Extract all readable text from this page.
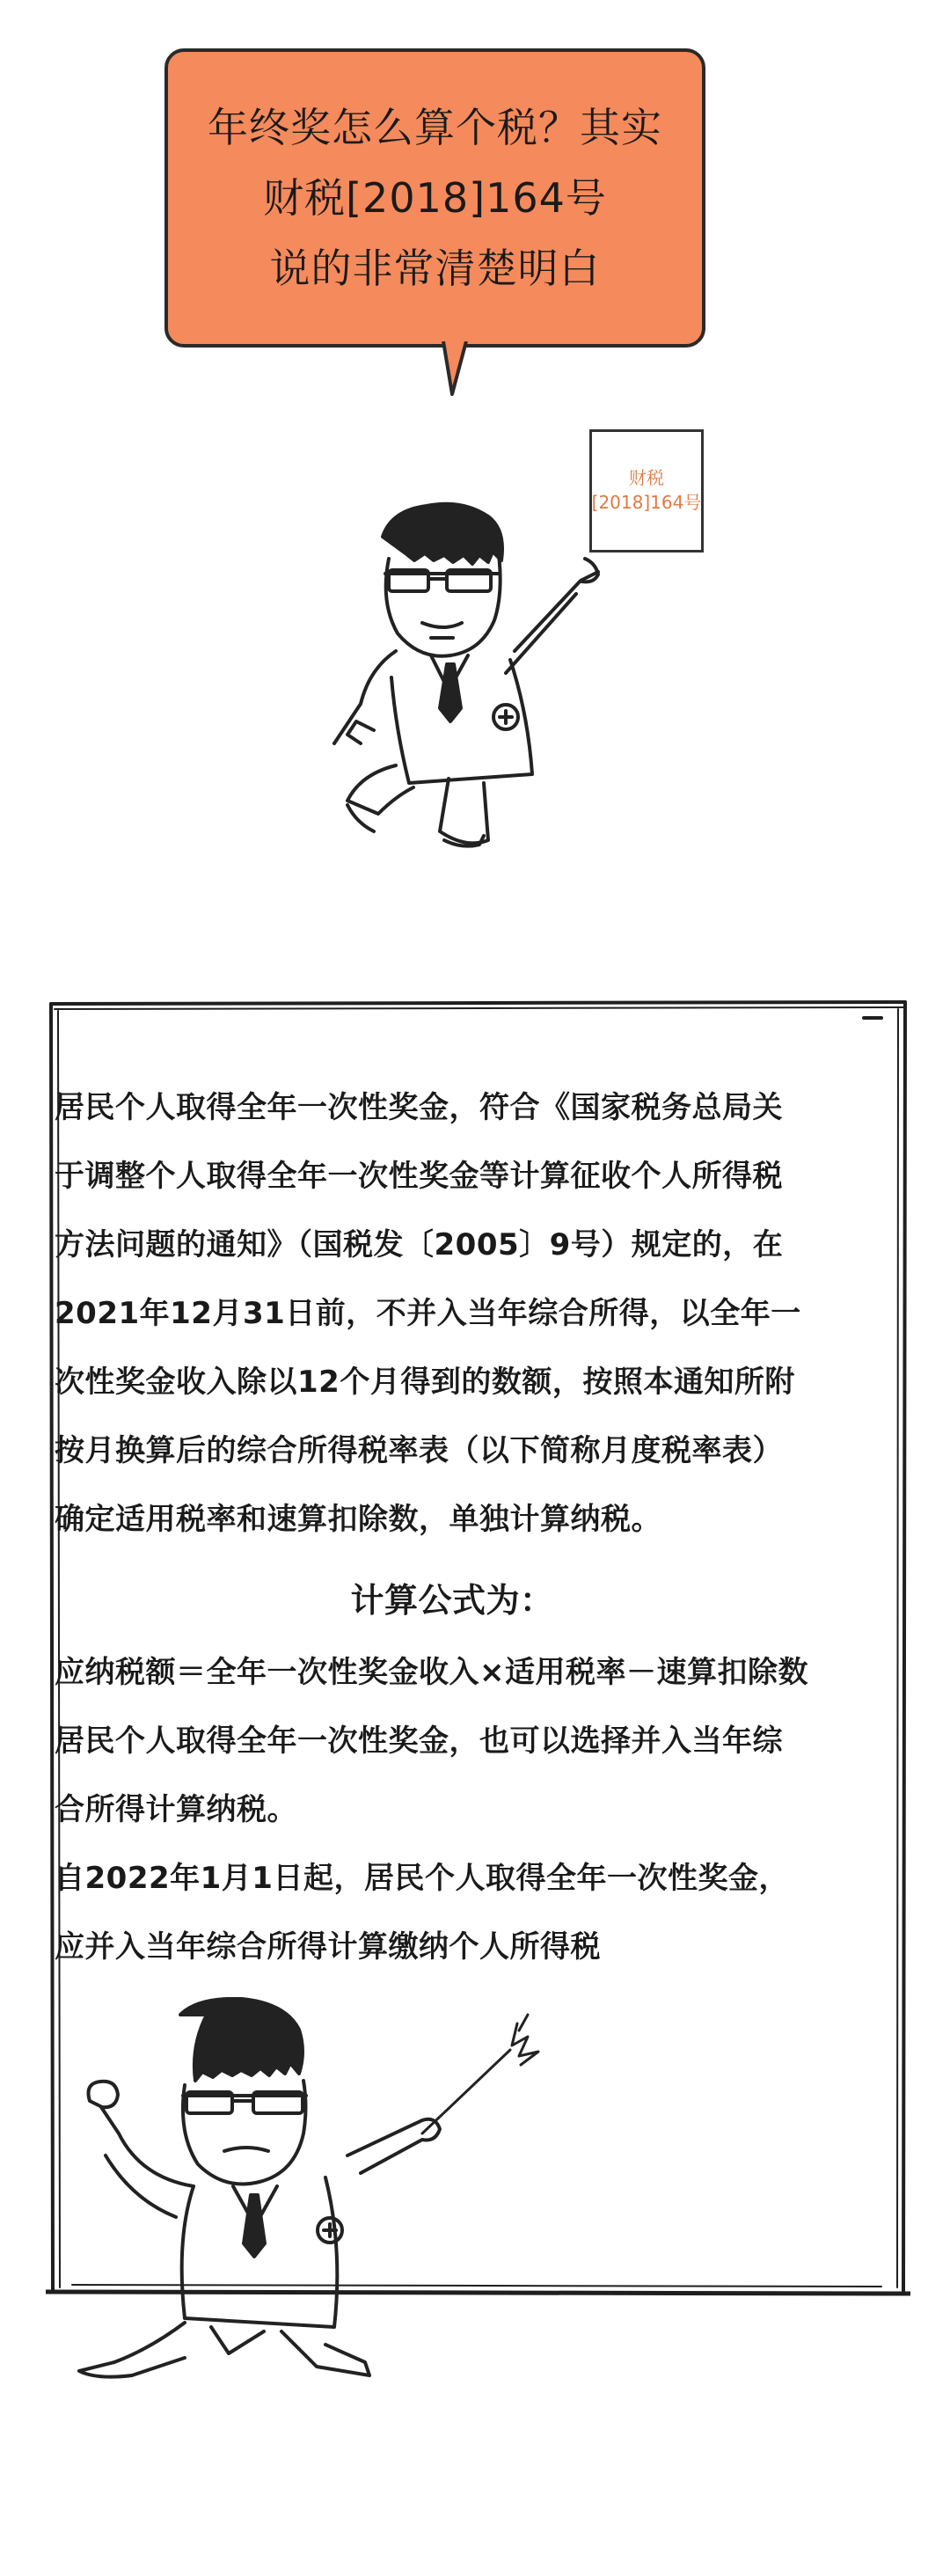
年终奖怎么算个税？其实
财税[2018]164号
说的非常清楚明白
财税
[2018]164号

居民个人取得全年一次性奖金，符合《国家税务总局关

于调整个人取得全年一次性奖金等计算征收个人所得税

方法问题的通知》（国税发〔2005〕9号）规定的，在

2021年12月31日前，不并入当年综合所得，以全年一

次性奖金收入除以12个月得到的数额，按照本通知所附

按月换算后的综合所得税率表（以下简称月度税率表）

确定适用税率和速算扣除数，单独计算纳税。

计算公式为：

应纳税额＝全年一次性奖金收入×适用税率－速算扣除数

居民个人取得全年一次性奖金，也可以选择并入当年综

合所得计算纳税。

自2022年1月1日起，居民个人取得全年一次性奖金，

应并入当年综合所得计算缴纳个人所得税
